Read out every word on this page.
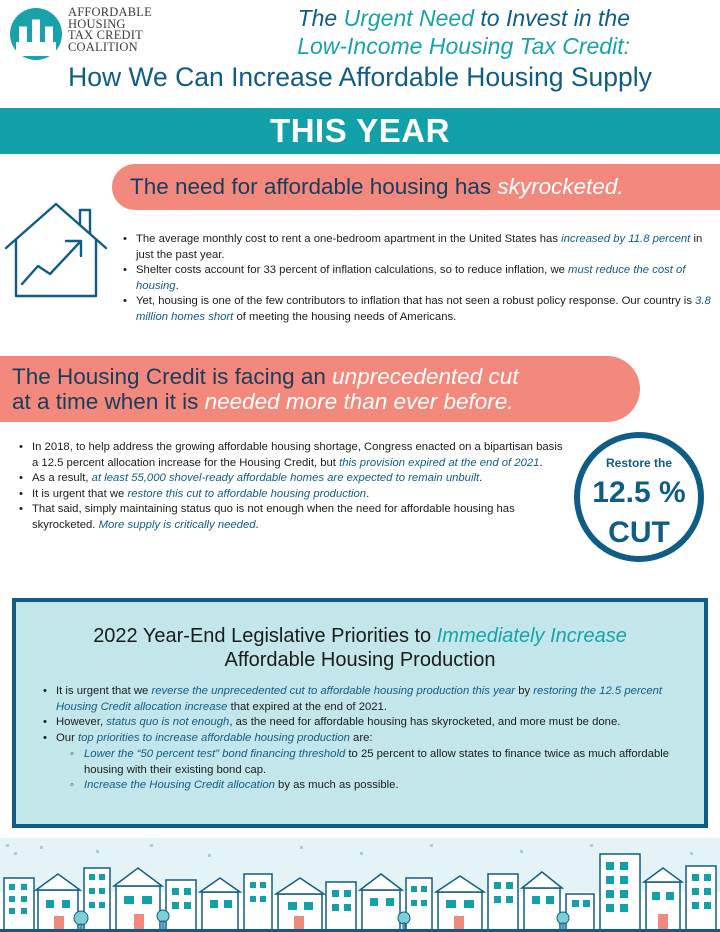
AFFORDABLE
HOUSING
TAX CREDIT
COALITION
The Urgent Need to Invest in the
Low-Income Housing Tax Credit:
How We Can Increase Affordable Housing Supply
THIS YEAR
The need for affordable housing has skyrocketed.
• The average monthly cost to rent a one-bedroom apartment in the United States has increased by 11.8 percent in just the past year.
• Shelter costs account for 33 percent of inflation calculations, so to reduce inflation, we must reduce the cost of housing.
• Yet, housing is one of the few contributors to inflation that has not seen a robust policy response. Our country is 3.8 million homes short of meeting the housing needs of Americans.
The Housing Credit is facing an unprecedented cut
at a time when it is needed more than ever before.
• In 2018, to help address the growing affordable housing shortage, Congress enacted on a bipartisan basis a 12.5 percent allocation increase for the Housing Credit, but this provision expired at the end of 2021.
• As a result, at least 55,000 shovel-ready affordable homes are expected to remain unbuilt.
• It is urgent that we restore this cut to affordable housing production.
• That said, simply maintaining status quo is not enough when the need for affordable housing has skyrocketed. More supply is critically needed.
Restore the
12.5 %
CUT
2022 Year-End Legislative Priorities to Immediately Increase
Affordable Housing Production
• It is urgent that we reverse the unprecedented cut to affordable housing production this year by restoring the 12.5 percent Housing Credit allocation increase that expired at the end of 2021.
• However, status quo is not enough, as the need for affordable housing has skyrocketed, and more must be done.
• Our top priorities to increase affordable housing production are:
◦ Lower the “50 percent test” bond financing threshold to 25 percent to allow states to finance twice as much affordable housing with their existing bond cap.
◦ Increase the Housing Credit allocation by as much as possible.
